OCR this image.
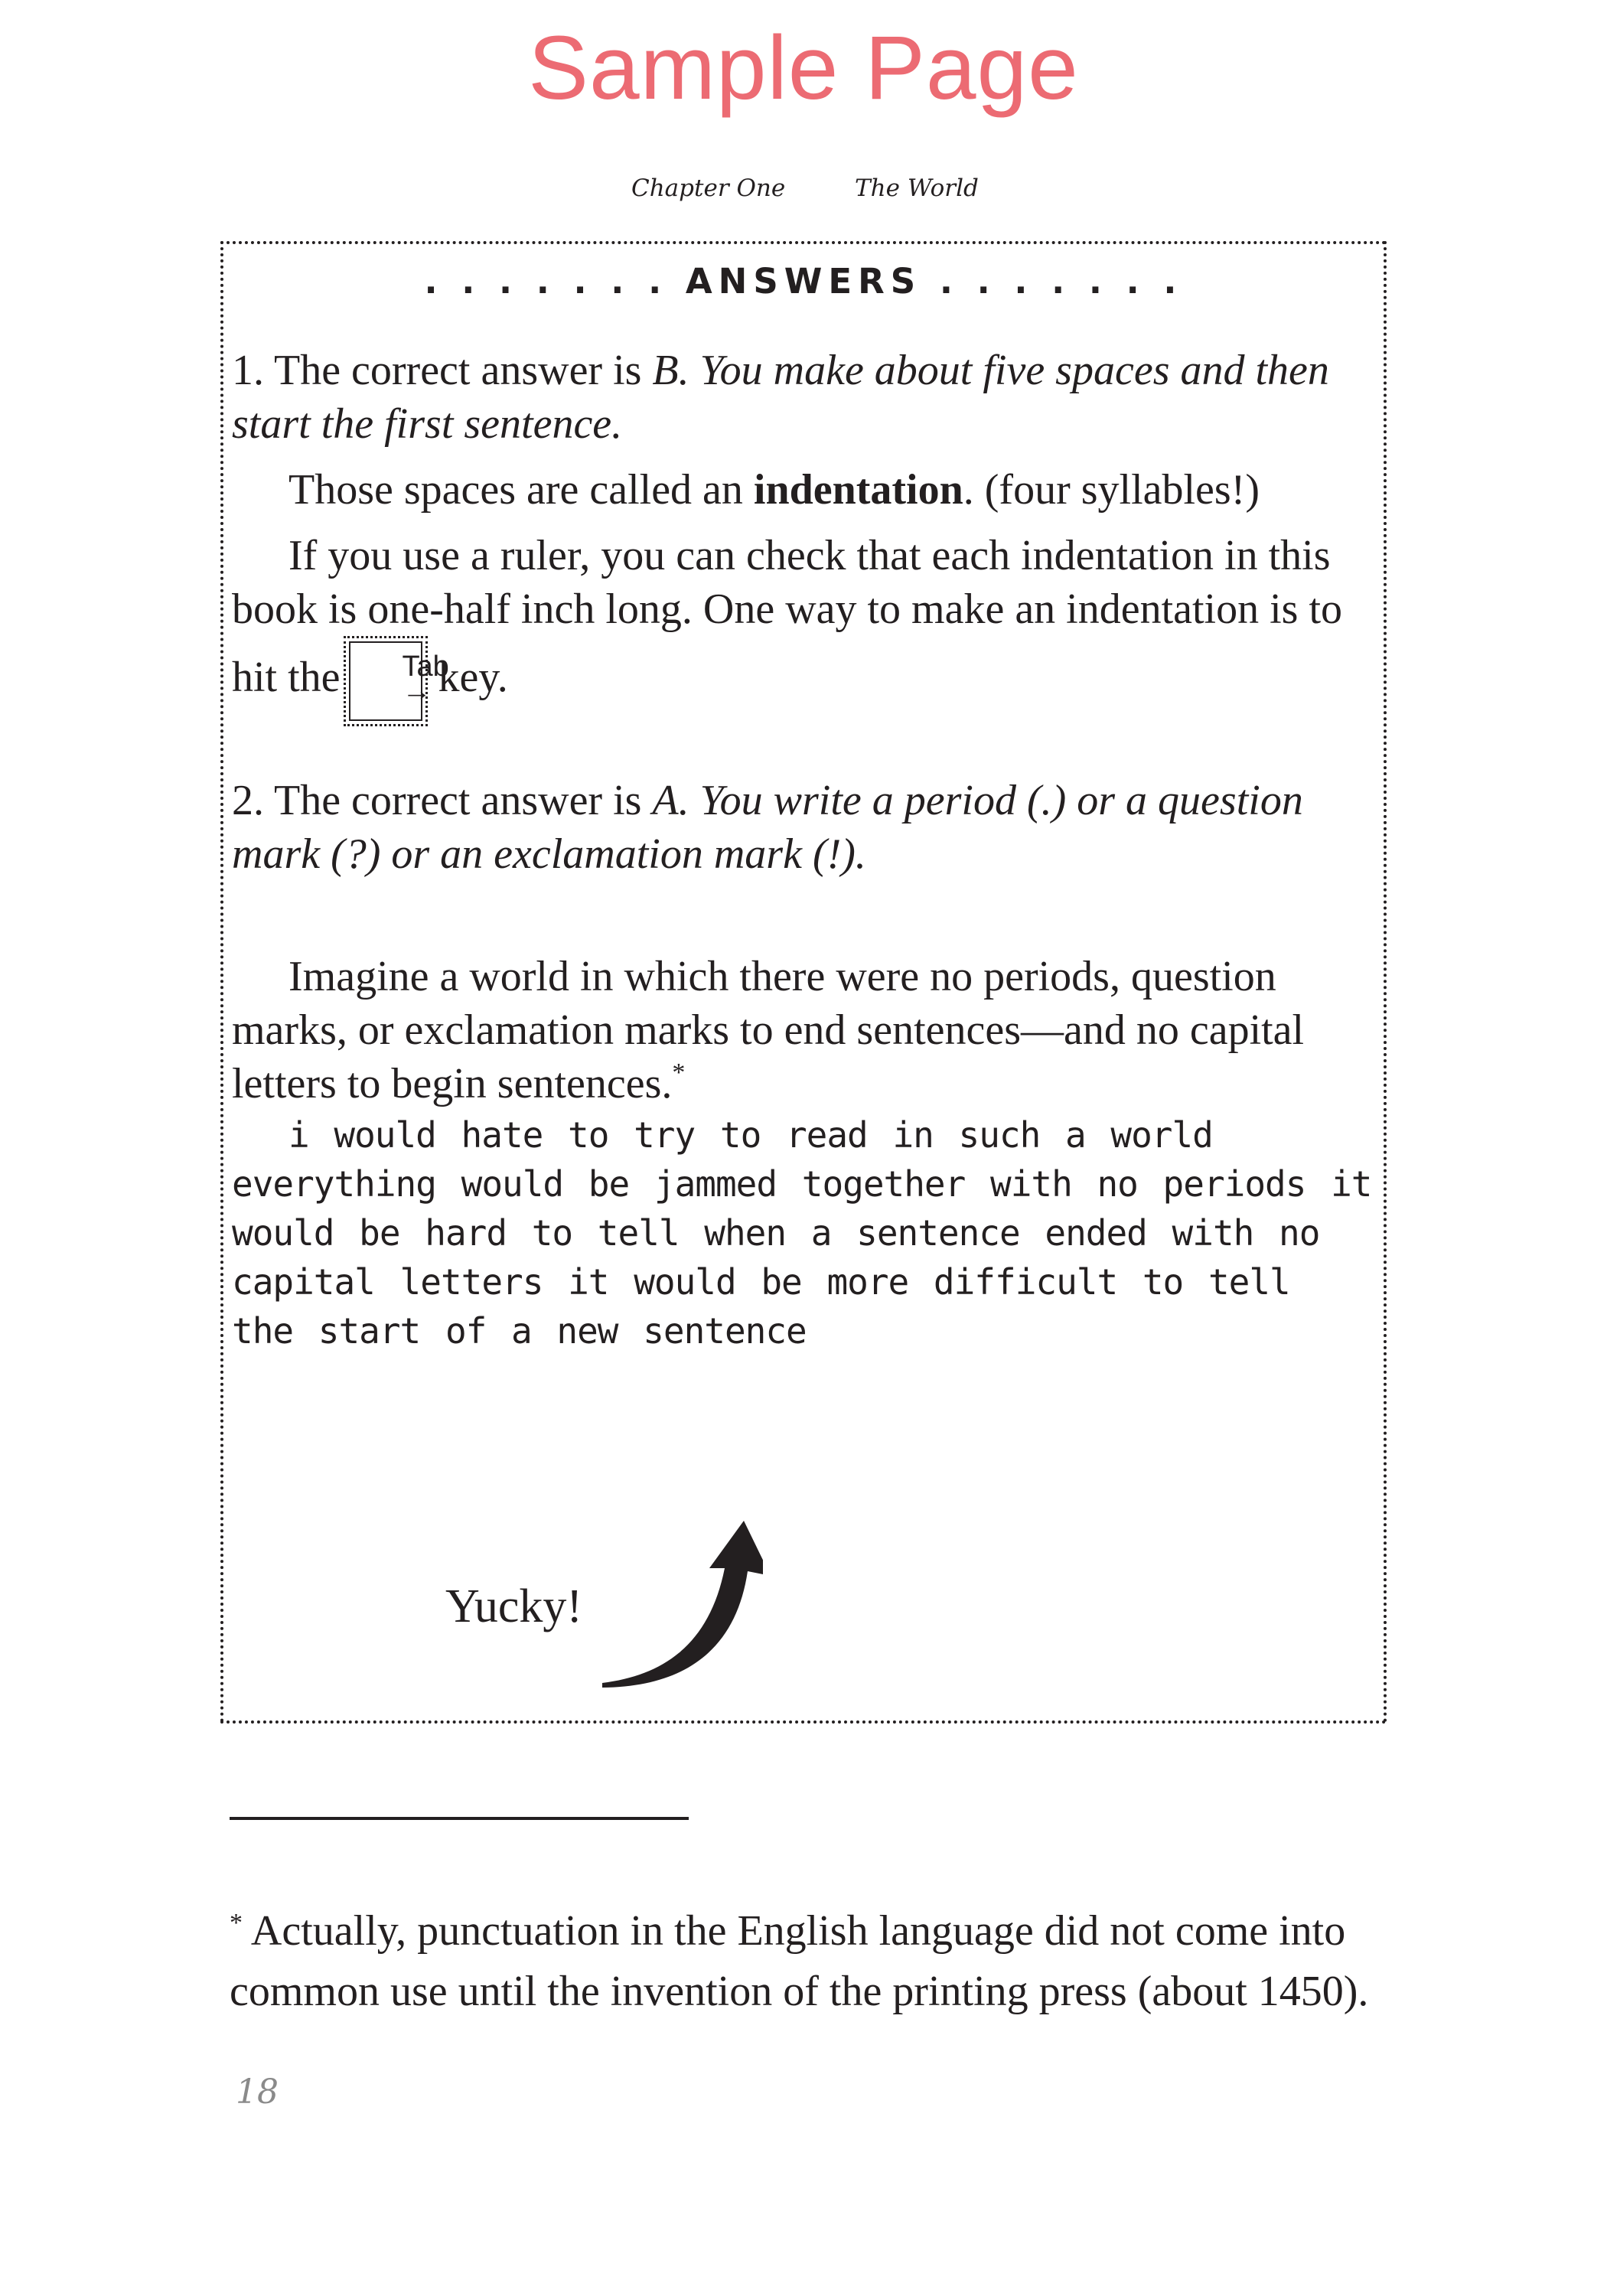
Sample Page
Chapter One	The World
. . . . . . . ANSWERS . . . . . . .

1. The correct answer is B. You make about five spaces and then start the first sentence.

Those spaces are called an indentation. (four syllables!)

If you use a ruler, you can check that each indentation in this book is one-half inch long. One way to make an indentation is to hit the	Tab
→ key.

2. The correct answer is A. You write a period (.) or a question mark (?) or an exclamation mark (!).

Imagine a world in which there were no periods, question marks, or exclamation marks to end sentences—and no capital letters to begin sentences.*

i would hate to try to read in such a world everything would be jammed together with no periods it would be hard to tell when a sentence ended with no capital letters it would be more difficult to tell the start of a new sentence

Yucky!

* Actually, punctuation in the English language did not come into common use until the invention of the printing press (about 1450).

18
